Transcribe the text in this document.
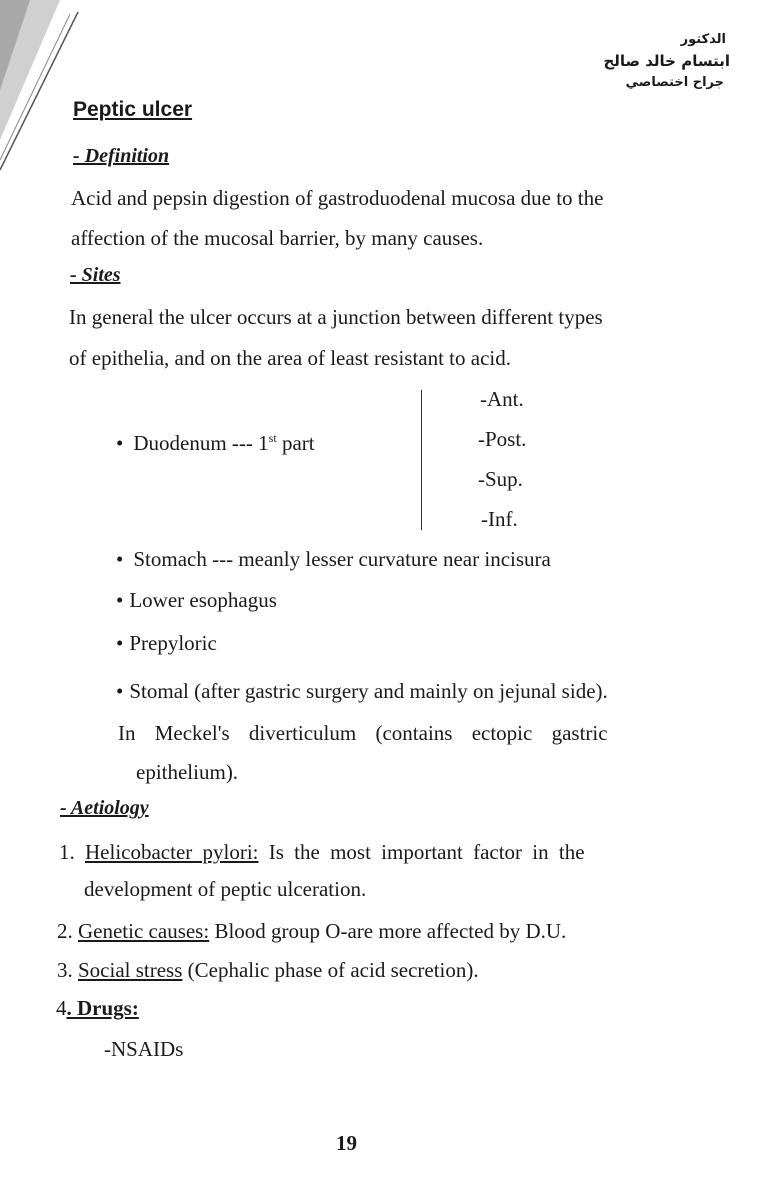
الدكتور
ابتسام خالد صالح
جراح اختصاصي
Peptic ulcer
- Definition
Acid and pepsin digestion of gastroduodenal mucosa due to the
affection of the mucosal barrier, by many causes.
- Sites
In general the ulcer occurs at a junction between different types
of epithelia, and on the area of least resistant to acid.
• Duodenum --- 1st part
-Ant.
-Post.
-Sup.
-Inf.
• Stomach --- meanly lesser curvature near incisura
• Lower esophagus
• Prepyloric
• Stomal (after gastric surgery and mainly on jejunal side).
In Meckel's diverticulum (contains ectopic gastric
epithelium).
- Aetiology
1. Helicobacter pylori: Is the most important factor in the
development of peptic ulceration.
2. Genetic causes: Blood group O-are more affected by D.U.
3. Social stress (Cephalic phase of acid secretion).
4. Drugs:
-NSAIDs
19
